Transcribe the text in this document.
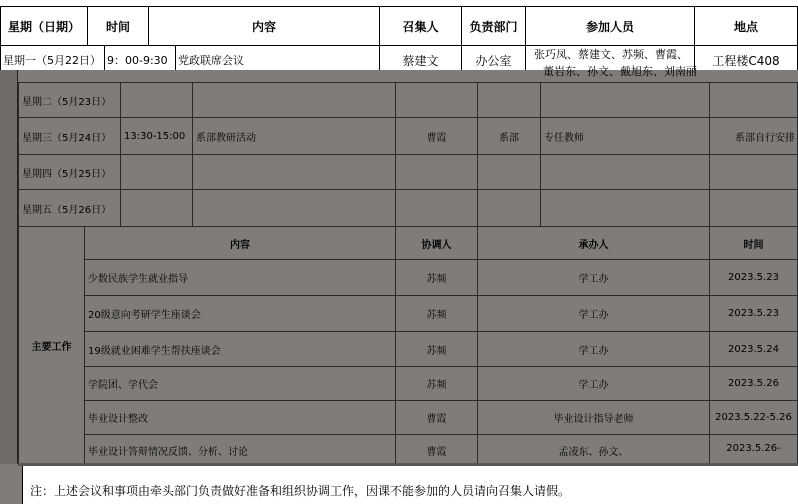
星期（日期）	时间	内容	召集人	负责部门	参加人员	地点
星期一（5月22日） 9：00-9:30 党政联席会议	蔡建文	办公室	张巧凤、蔡建文、苏频、曹霞、	工程楼C408
董岩东、孙文、戴旭东、刘南丽
星期二（5月23日）
星期三（5月24日）	13:30-15:00	系部教研活动	曹霞	系部	专任教师	系部自行安排
星期四（5月25日）
星期五（5月26日）
主要工作
内容	协调人	承办人	时间
少数民族学生就业指导	苏频	学工办	2023.5.23
20级意向考研学生座谈会	苏频	学工办	2023.5.23
19级就业困难学生帮扶座谈会	苏频	学工办	2023.5.24
学院团、学代会	苏频	学工办	2023.5.26
毕业设计整改	曹霞	毕业设计指导老师	2023.5.22-5.26
毕业设计答辩情况反馈、分析、讨论	曹霞	孟凌东、孙文、	2023.5.26-
注：上述会议和事项由牵头部门负责做好准备和组织协调工作，因课不能参加的人员请向召集人请假。
